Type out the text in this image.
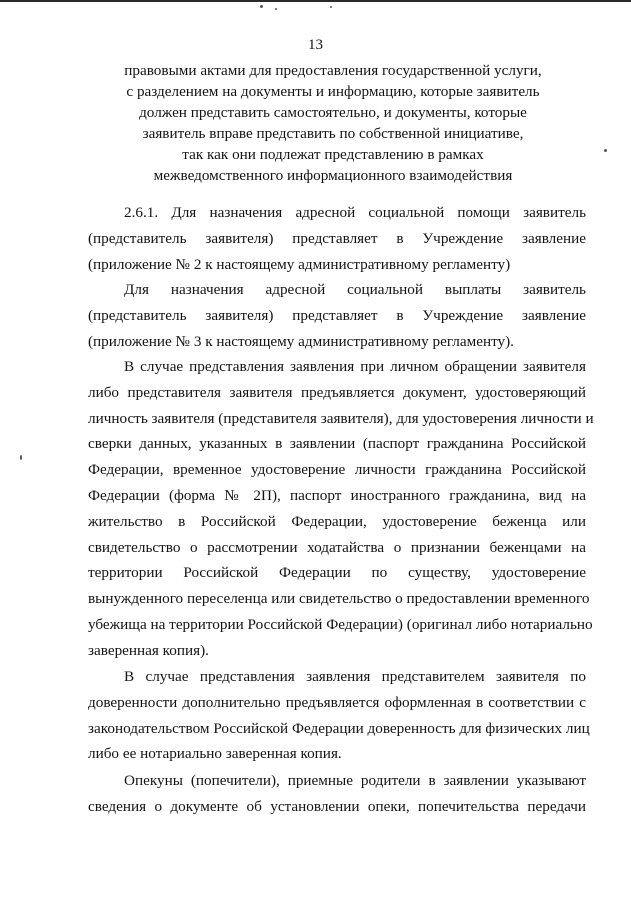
13
правовыми актами для предоставления государственной услуги,
с разделением на документы и информацию, которые заявитель
должен представить самостоятельно, и документы, которые
заявитель вправе представить по собственной инициативе,
так как они подлежат представлению в рамках
межведомственного информационного взаимодействия
2.6.1. Для назначения адресной социальной помощи заявитель
(представитель заявителя) представляет в Учреждение заявление
(приложение № 2 к настоящему административному регламенту)
Для назначения адресной социальной выплаты заявитель
(представитель заявителя) представляет в Учреждение заявление
(приложение № 3 к настоящему административному регламенту).
В случае представления заявления при личном обращении заявителя
либо представителя заявителя предъявляется документ, удостоверяющий
личность заявителя (представителя заявителя), для удостоверения личности и
сверки данных, указанных в заявлении (паспорт гражданина Российской
Федерации, временное удостоверение личности гражданина Российской
Федерации (форма № 2П), паспорт иностранного гражданина, вид на
жительство в Российской Федерации, удостоверение беженца или
свидетельство о рассмотрении ходатайства о признании беженцами на
территории Российской Федерации по существу, удостоверение
вынужденного переселенца или свидетельство о предоставлении временного
убежища на территории Российской Федерации) (оригинал либо нотариально
заверенная копия).
В случае представления заявления представителем заявителя по
доверенности дополнительно предъявляется оформленная в соответствии с
законодательством Российской Федерации доверенность для физических лиц
либо ее нотариально заверенная копия.
Опекуны (попечители), приемные родители в заявлении указывают
сведения о документе об установлении опеки, попечительства передачи
